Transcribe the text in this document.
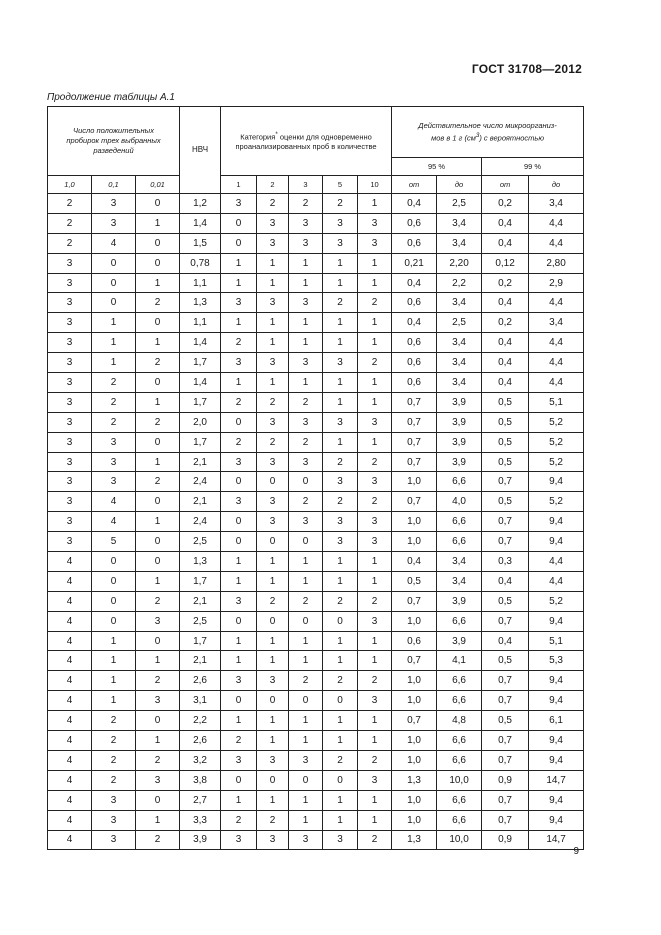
ГОСТ 31708—2012
Продолжение таблицы А.1
Число положительных пробирок трех выбранных разведений			НВЧ	Категория* оценки для одновременно проанализированных проб в количестве					Действительное число микроорганиз-
мов в 1 г $(см^3)$ с вероятностью			

									95 %		99 %	
1,0	0,1	0,01		1	2	3	5	10	от	до	от	до
2	3	0	1,2	3	2	2	2	1	0,4	2,5	0,2	3,4
2	3	1	1,4	0	3	3	3	3	0,6	3,4	0,4	4,4
2	4	0	1,5	0	3	3	3	3	0,6	3,4	0,4	4,4
3	0	0	0,78	1	1	1	1	1	0,21	2,20	0,12	2,80
3	0	1	1,1	1	1	1	1	1	0,4	2,2	0,2	2,9
3	0	2	1,3	3	3	3	2	2	0,6	3,4	0,4	4,4
3	1	0	1,1	1	1	1	1	1	0,4	2,5	0,2	3,4
3	1	1	1,4	2	1	1	1	1	0,6	3,4	0,4	4,4
3	1	2	1,7	3	3	3	3	2	0,6	3,4	0,4	4,4
3	2	0	1,4	1	1	1	1	1	0,6	3,4	0,4	4,4
3	2	1	1,7	2	2	2	1	1	0,7	3,9	0,5	5,1
3	2	2	2,0	0	3	3	3	3	0,7	3,9	0,5	5,2
3	3	0	1,7	2	2	2	1	1	0,7	3,9	0,5	5,2
3	3	1	2,1	3	3	3	2	2	0,7	3,9	0,5	5,2
3	3	2	2,4	0	0	0	3	3	1,0	6,6	0,7	9,4
3	4	0	2,1	3	3	2	2	2	0,7	4,0	0,5	5,2
3	4	1	2,4	0	3	3	3	3	1,0	6,6	0,7	9,4
3	5	0	2,5	0	0	0	3	3	1,0	6,6	0,7	9,4
4	0	0	1,3	1	1	1	1	1	0,4	3,4	0,3	4,4
4	0	1	1,7	1	1	1	1	1	0,5	3,4	0,4	4,4
4	0	2	2,1	3	2	2	2	2	0,7	3,9	0,5	5,2
4	0	3	2,5	0	0	0	0	3	1,0	6,6	0,7	9,4
4	1	0	1,7	1	1	1	1	1	0,6	3,9	0,4	5,1
4	1	1	2,1	1	1	1	1	1	0,7	4,1	0,5	5,3
4	1	2	2,6	3	3	2	2	2	1,0	6,6	0,7	9,4
4	1	3	3,1	0	0	0	0	3	1,0	6,6	0,7	9,4
4	2	0	2,2	1	1	1	1	1	0,7	4,8	0,5	6,1
4	2	1	2,6	2	1	1	1	1	1,0	6,6	0,7	9,4
4	2	2	3,2	3	3	3	2	2	1,0	6,6	0,7	9,4
4	2	3	3,8	0	0	0	0	3	1,3	10,0	0,9	14,7
4	3	0	2,7	1	1	1	1	1	1,0	6,6	0,7	9,4
4	3	1	3,3	2	2	1	1	1	1,0	6,6	0,7	9,4
4	3	2	3,9	3	3	3	3	2	1,3	10,0	0,9	14,7
9
